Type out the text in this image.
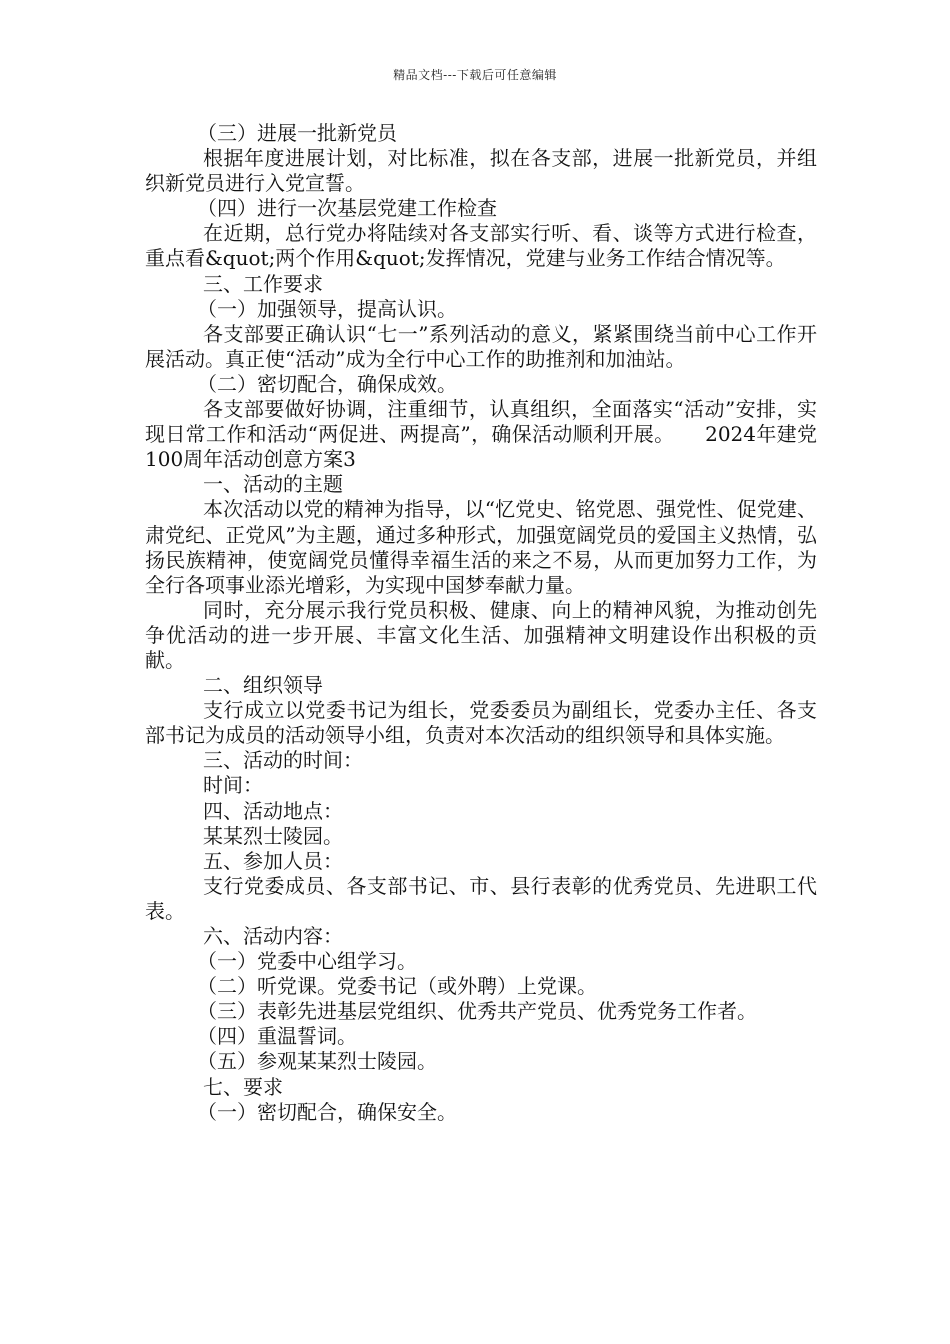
精品文档---下载后可任意编辑

（三）进展一批新党员

根据年度进展计划，对比标准，拟在各支部，进展一批新党员，并组织新党员进行入党宣誓。

（四）进行一次基层党建工作检查

在近期，总行党办将陆续对各支部实行听、看、谈等方式进行检查，重点看&quot;两个作用&quot;发挥情况，党建与业务工作结合情况等。

三、工作要求

（一）加强领导，提高认识。

各支部要正确认识“七一”系列活动的意义，紧紧围绕当前中心工作开展活动。真正使“活动”成为全行中心工作的助推剂和加油站。

（二）密切配合，确保成效。

各支部要做好协调，注重细节，认真组织，全面落实“活动”安排，实现日常工作和活动“两促进、两提高”，确保活动顺利开展。　　2024年建党100周年活动创意方案3

一、活动的主题

本次活动以党的精神为指导，以“忆党史、铭党恩、强党性、促党建、肃党纪、正党风”为主题，通过多种形式，加强宽阔党员的爱国主义热情，弘扬民族精神，使宽阔党员懂得幸福生活的来之不易，从而更加努力工作，为全行各项事业添光增彩，为实现中国梦奉献力量。

同时，充分展示我行党员积极、健康、向上的精神风貌，为推动创先争优活动的进一步开展、丰富文化生活、加强精神文明建设作出积极的贡献。

二、组织领导

支行成立以党委书记为组长，党委委员为副组长，党委办主任、各支部书记为成员的活动领导小组，负责对本次活动的组织领导和具体实施。

三、活动的时间：

时间：

四、活动地点：

某某烈士陵园。

五、参加人员：

支行党委成员、各支部书记、市、县行表彰的优秀党员、先进职工代表。

六、活动内容：

（一）党委中心组学习。

（二）听党课。党委书记（或外聘）上党课。

（三）表彰先进基层党组织、优秀共产党员、优秀党务工作者。

（四）重温誓词。

（五）参观某某烈士陵园。

七、要求

（一）密切配合，确保安全。
